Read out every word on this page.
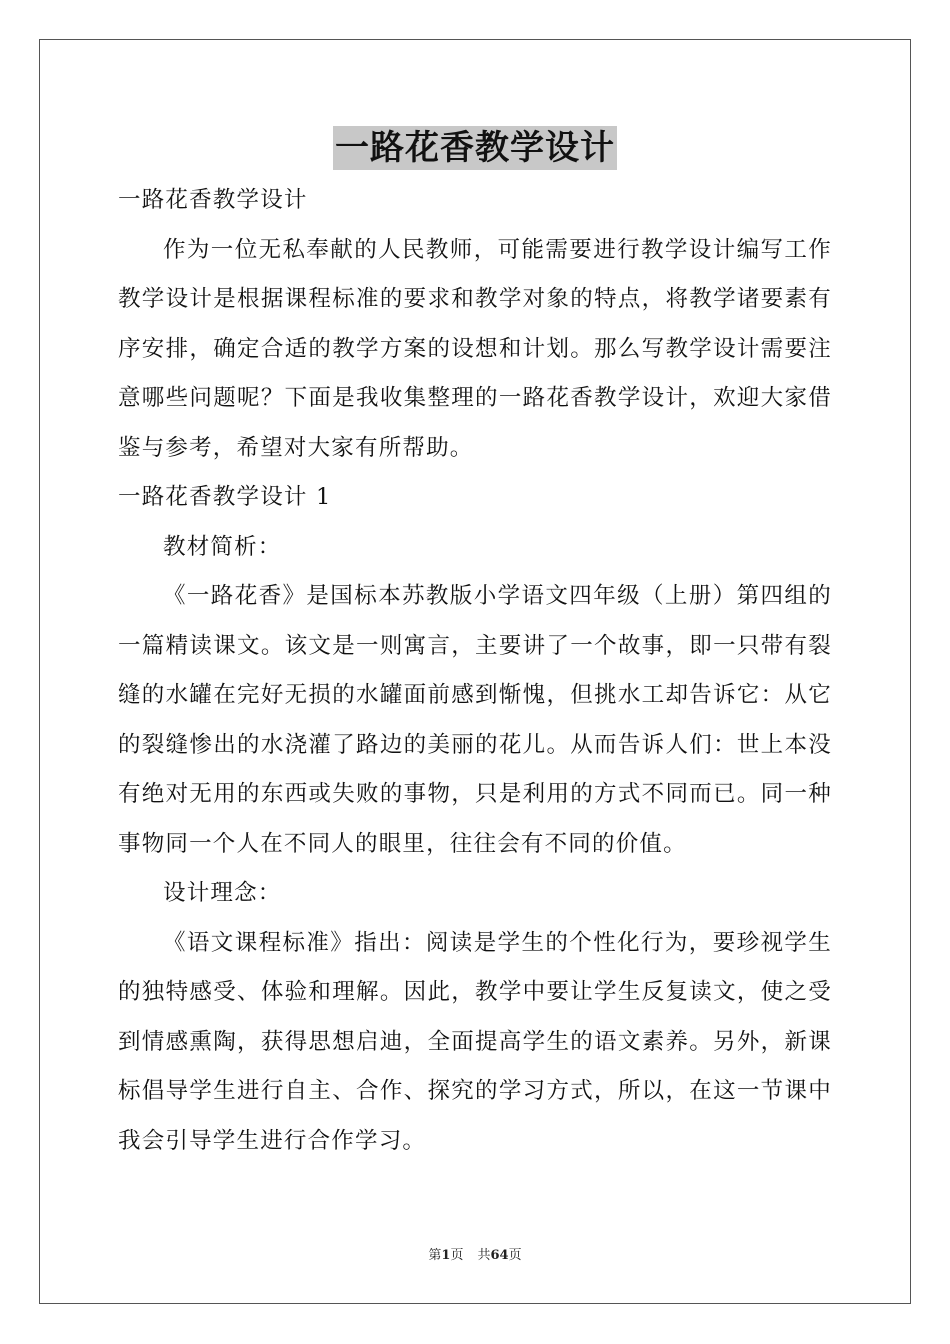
一路花香教学设计

一路花香教学设计

作为一位无私奉献的人民教师，可能需要进行教学设计编写工作教学设计是根据课程标准的要求和教学对象的特点，将教学诸要素有序安排，确定合适的教学方案的设想和计划。那么写教学设计需要注意哪些问题呢？下面是我收集整理的一路花香教学设计，欢迎大家借鉴与参考，希望对大家有所帮助。

一路花香教学设计 1

教材简析：

《一路花香》是国标本苏教版小学语文四年级（上册）第四组的一篇精读课文。该文是一则寓言，主要讲了一个故事，即一只带有裂缝的水罐在完好无损的水罐面前感到惭愧，但挑水工却告诉它：从它的裂缝惨出的水浇灌了路边的美丽的花儿。从而告诉人们：世上本没有绝对无用的东西或失败的事物，只是利用的方式不同而已。同一种事物同一个人在不同人的眼里，往往会有不同的价值。

设计理念：

《语文课程标准》指出：阅读是学生的个性化行为，要珍视学生的独特感受、体验和理解。因此，教学中要让学生反复读文，使之受到情感熏陶，获得思想启迪，全面提高学生的语文素养。另外，新课标倡导学生进行自主、合作、探究的学习方式，所以，在这一节课中我会引导学生进行合作学习。

第1页 共64页
